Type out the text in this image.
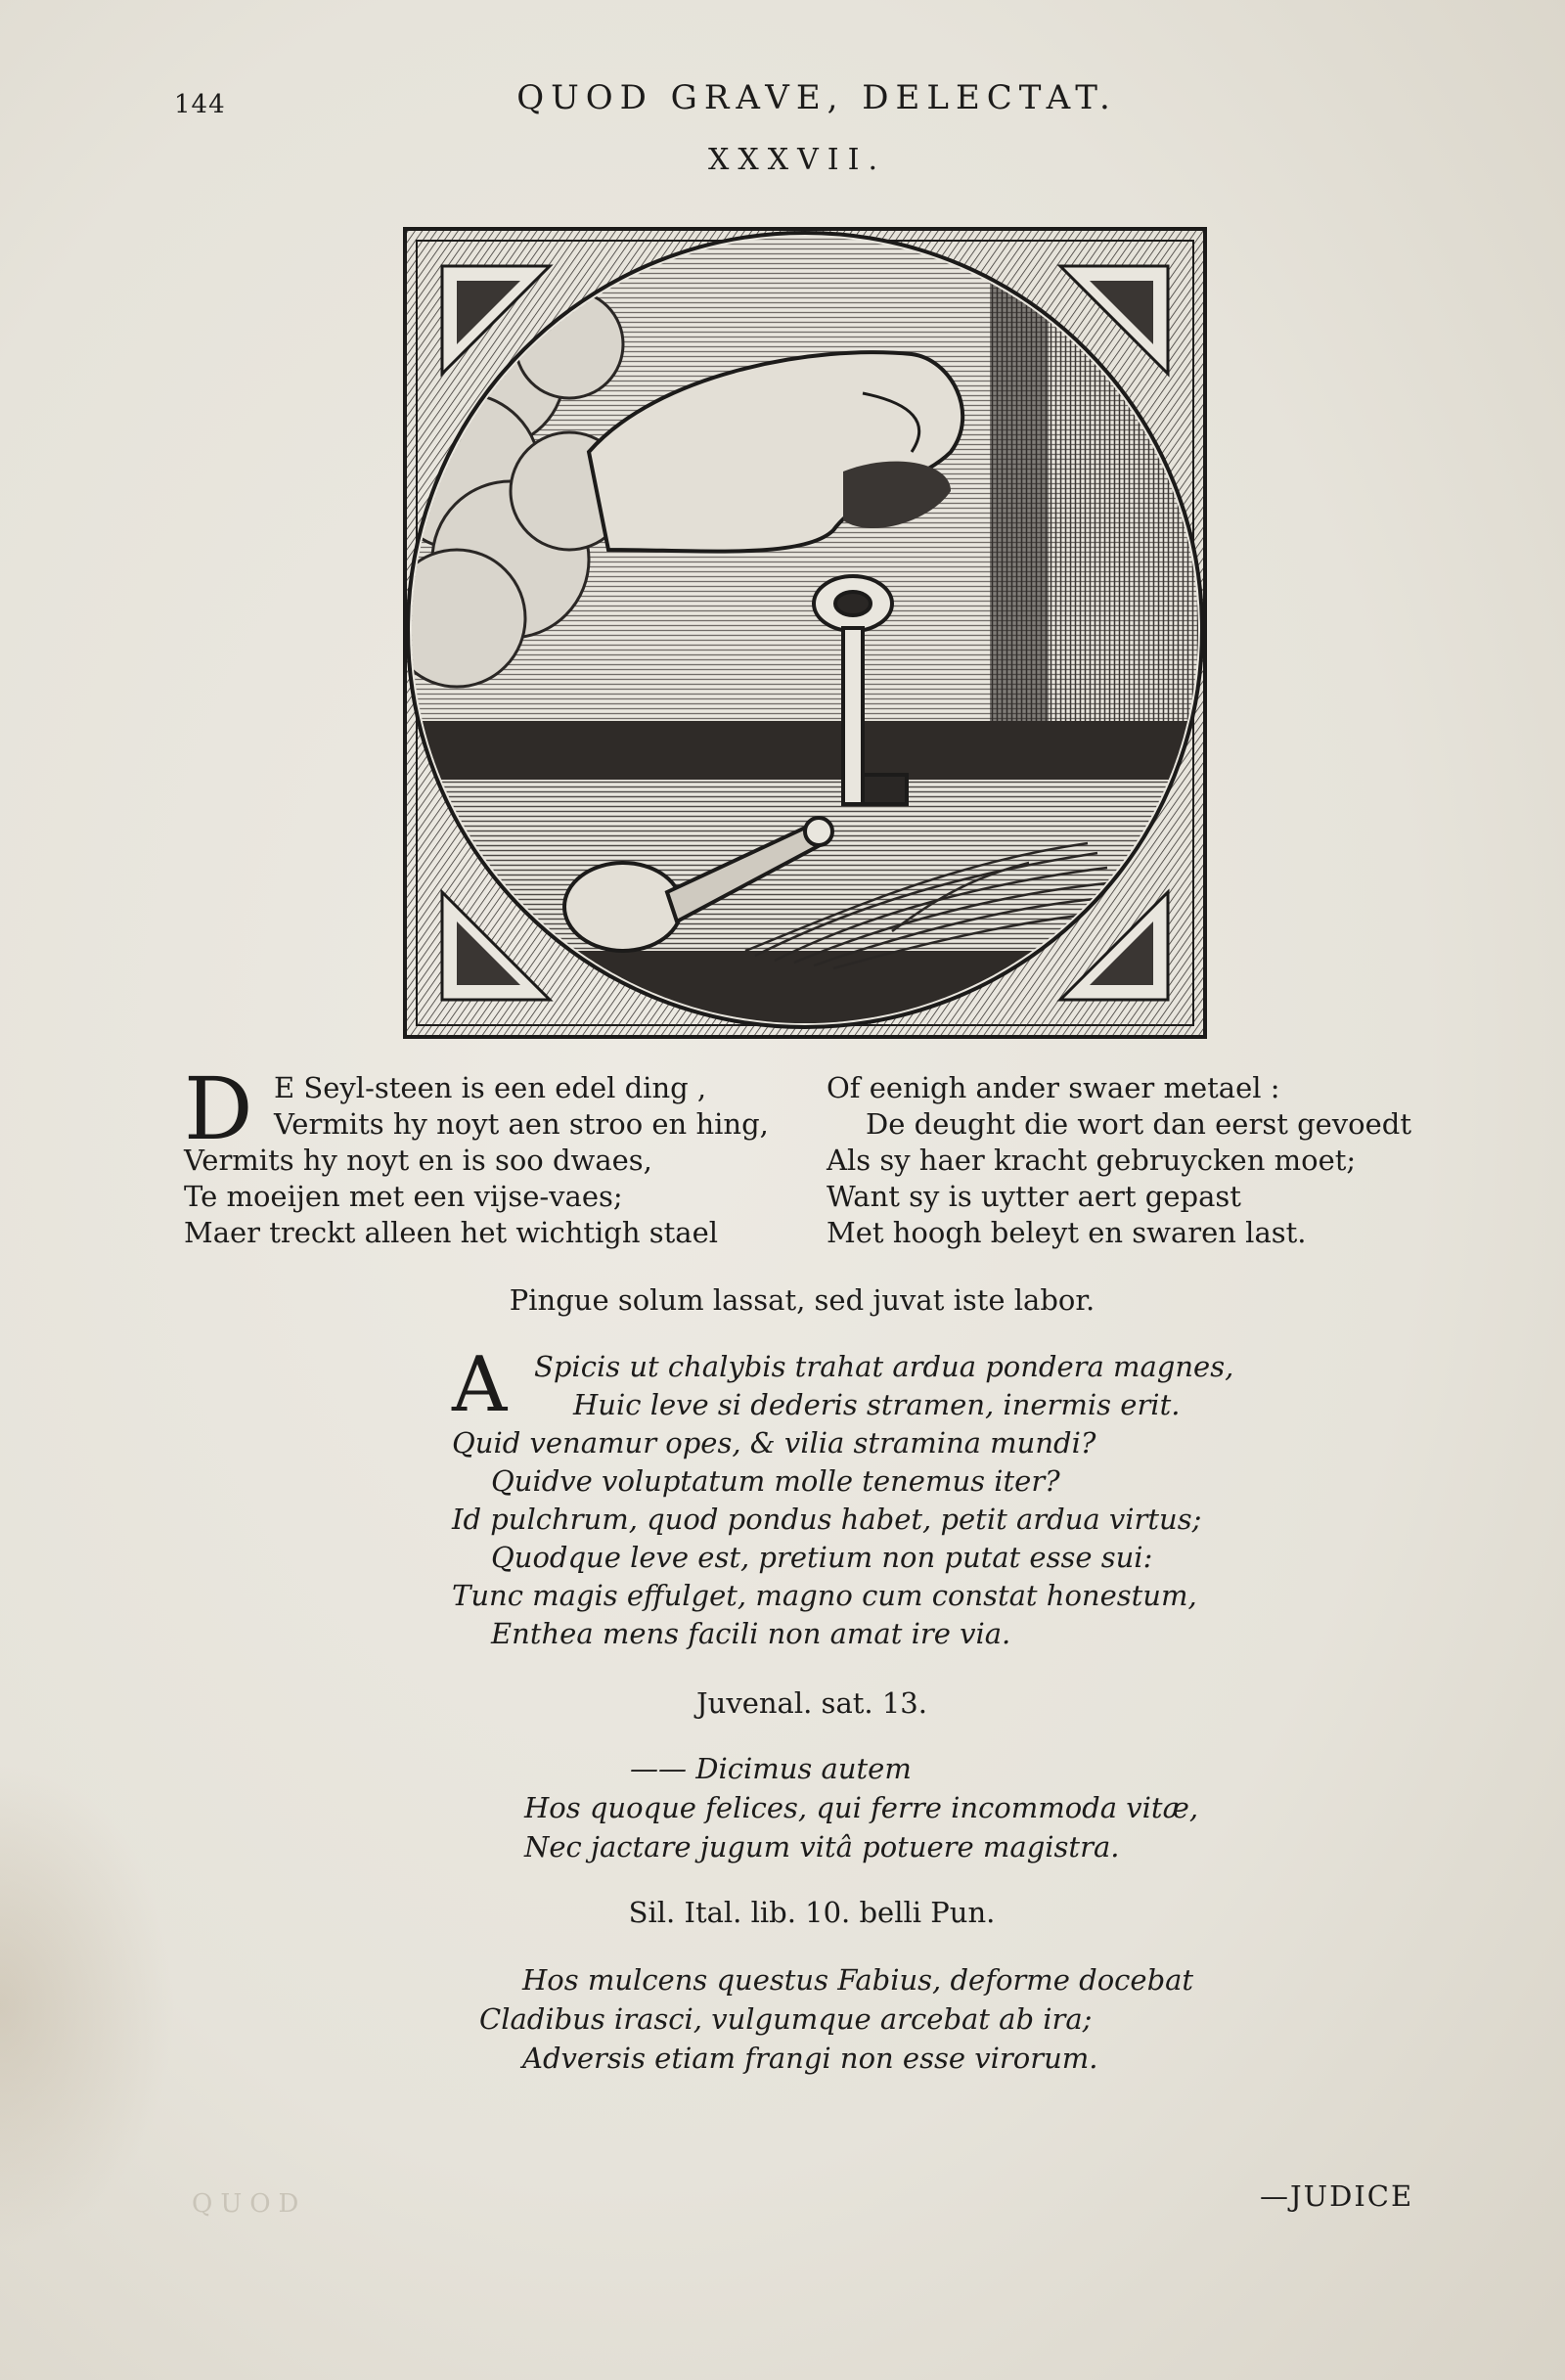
144	QUOD GRAVE, DELECTAT.
XXXVII.
D E Seyl-steen is een edel ding ,
Vermits hy noyt aen stroo en hing,
Vermits hy noyt en is soo dwaes,
Te moeijen met een vijse-vaes;
Maer treckt alleen het wichtigh stael
Of eenigh ander swaer metael :
De deught die wort dan eerst gevoedt
Als sy haer kracht gebruycken moet;
Want sy is uytter aert gepast
Met hoogh beleyt en swaren last.
Pingue solum lassat, sed juvat iste labor.
A Spicis ut chalybis trahat ardua pondera magnes,
Huic leve si dederis stramen, inermis erit.
Quid venamur opes, & vilia stramina mundi?
Quidve voluptatum molle tenemus iter?
Id pulchrum, quod pondus habet, petit ardua virtus;
Quodque leve est, pretium non putat esse sui:
Tunc magis effulget, magno cum constat honestum,
Enthea mens facili non amat ire via.
Juvenal. sat. 13.
—— Dicimus autem
Hos quoque felices, qui ferre incommoda vitæ,
Nec jactare jugum vitâ potuere magistra.
Sil. Ital. lib. 10. belli Pun.
Hos mulcens questus Fabius, deforme docebat
Cladibus irasci, vulgumque arcebat ab ira;
Adversis etiam frangi non esse virorum.
QUOD	—JUDICE
